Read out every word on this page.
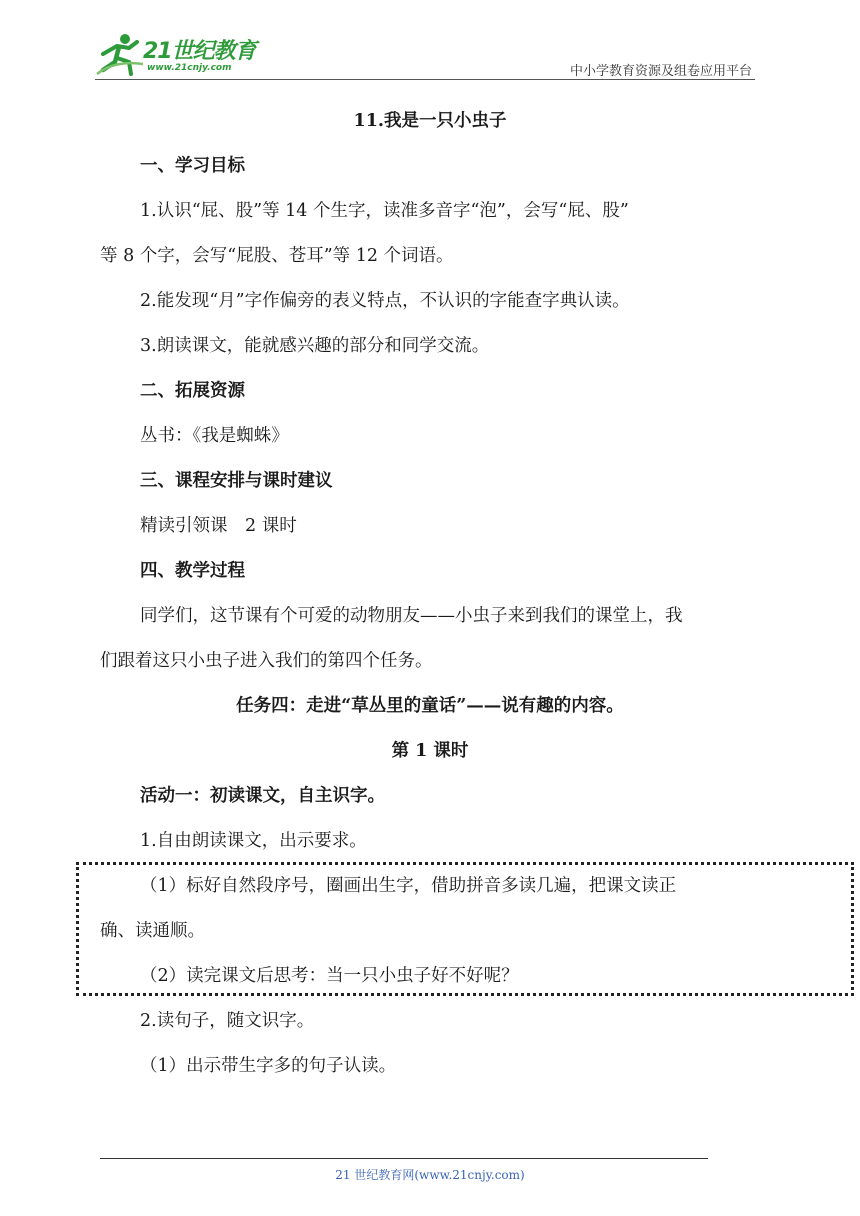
21世纪教育
www.21cnjy.com	中小学教育资源及组卷应用平台
11.我是一只小虫子
一、学习目标
1.认识“屁、股”等 14 个生字，读准多音字“泡”，会写“屁、股”
等 8 个字，会写“屁股、苍耳”等 12 个词语。
2.能发现“月”字作偏旁的表义特点，不认识的字能查字典认读。
3.朗读课文，能就感兴趣的部分和同学交流。
二、拓展资源
丛书：《我是蜘蛛》
三、课程安排与课时建议
精读引领课　2 课时
四、教学过程
同学们，这节课有个可爱的动物朋友——小虫子来到我们的课堂上，我
们跟着这只小虫子进入我们的第四个任务。
任务四：走进“草丛里的童话”——说有趣的内容。
第 1 课时
活动一：初读课文，自主识字。
1.自由朗读课文，出示要求。
（1）标好自然段序号，圈画出生字，借助拼音多读几遍，把课文读正
确、读通顺。
（2）读完课文后思考：当一只小虫子好不好呢？
2.读句子，随文识字。
（1）出示带生字多的句子认读。
21 世纪教育网(www.21cnjy.com)
